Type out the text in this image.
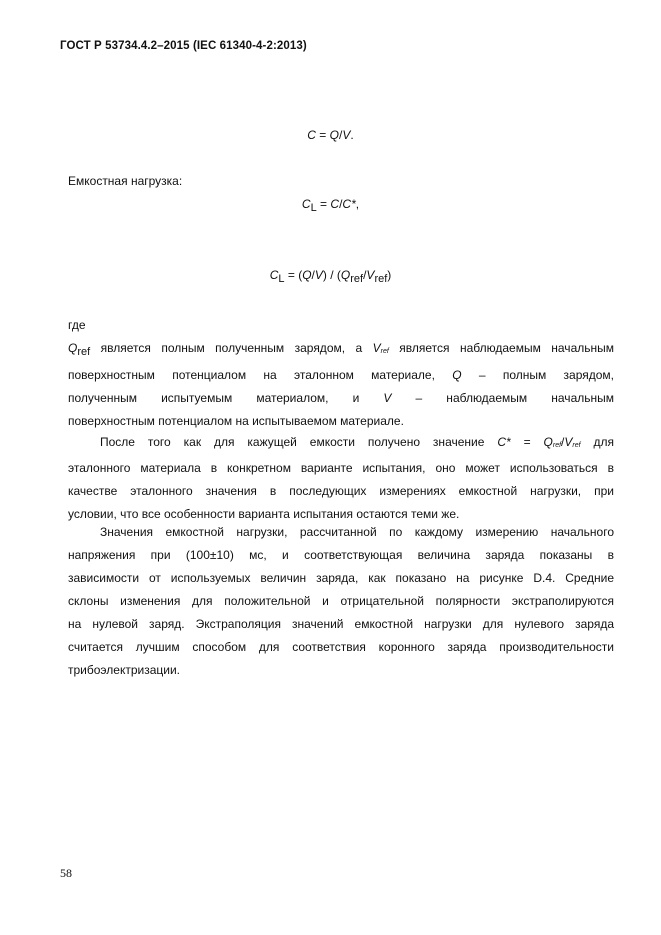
ГОСТ Р 53734.4.2–2015 (IEC 61340-4-2:2013)
C = Q/V.
Емкостная нагрузка:
$C_L = C/C*$,
$C_L = (Q/V) / (Q_{ref}/V_{ref})$
где
$Q_{ref}$ является полным полученным зарядом, а $V_{ref}$ является наблюдаемым начальным
поверхностным потенциалом на эталонном материале, Q – полным зарядом,
полученным испытуемым материалом, и V – наблюдаемым начальным
поверхностным потенциалом на испытываемом материале.
После того как для кажущей емкости получено значение $C* = Q_{ref}/V_{ref}$ для
эталонного материала в конкретном варианте испытания, оно может использоваться в
качестве эталонного значения в последующих измерениях емкостной нагрузки, при
условии, что все особенности варианта испытания остаются теми же.
Значения емкостной нагрузки, рассчитанной по каждому измерению начального
напряжения при (100±10) мс, и соответствующая величина заряда показаны в
зависимости от используемых величин заряда, как показано на рисунке D.4. Средние
склоны изменения для положительной и отрицательной полярности экстраполируются
на нулевой заряд. Экстраполяция значений емкостной нагрузки для нулевого заряда
считается лучшим способом для соответствия коронного заряда производительности
трибоэлектризации.
58
